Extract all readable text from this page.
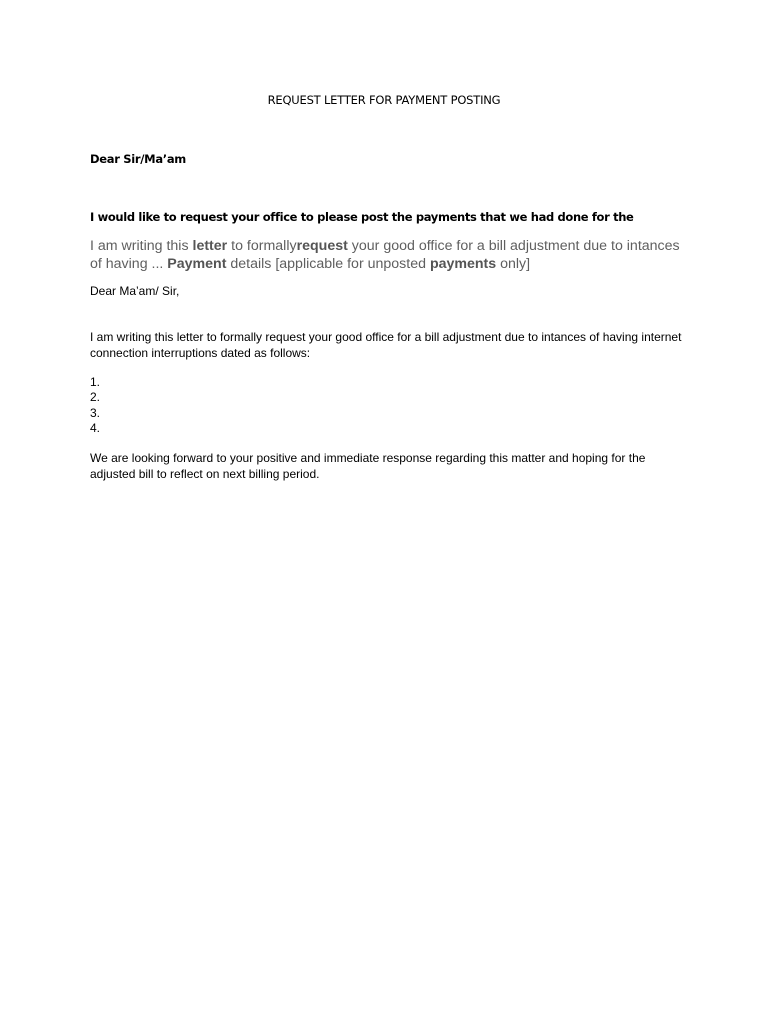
REQUEST LETTER FOR PAYMENT POSTING
Dear Sir/Ma’am
I would like to request your office to please post the payments that we had done for the
I am writing this letter to formallyrequest your good office for a bill adjustment due to intances of having ... Payment details [applicable for unposted payments only]
Dear Ma’am/ Sir,
I am writing this letter to formally request your good office for a bill adjustment due to intances of having internet connection interruptions dated as follows:
1.
2.
3.
4.
We are looking forward to your positive and immediate response regarding this matter and hoping for the adjusted bill to reflect on next billing period.
